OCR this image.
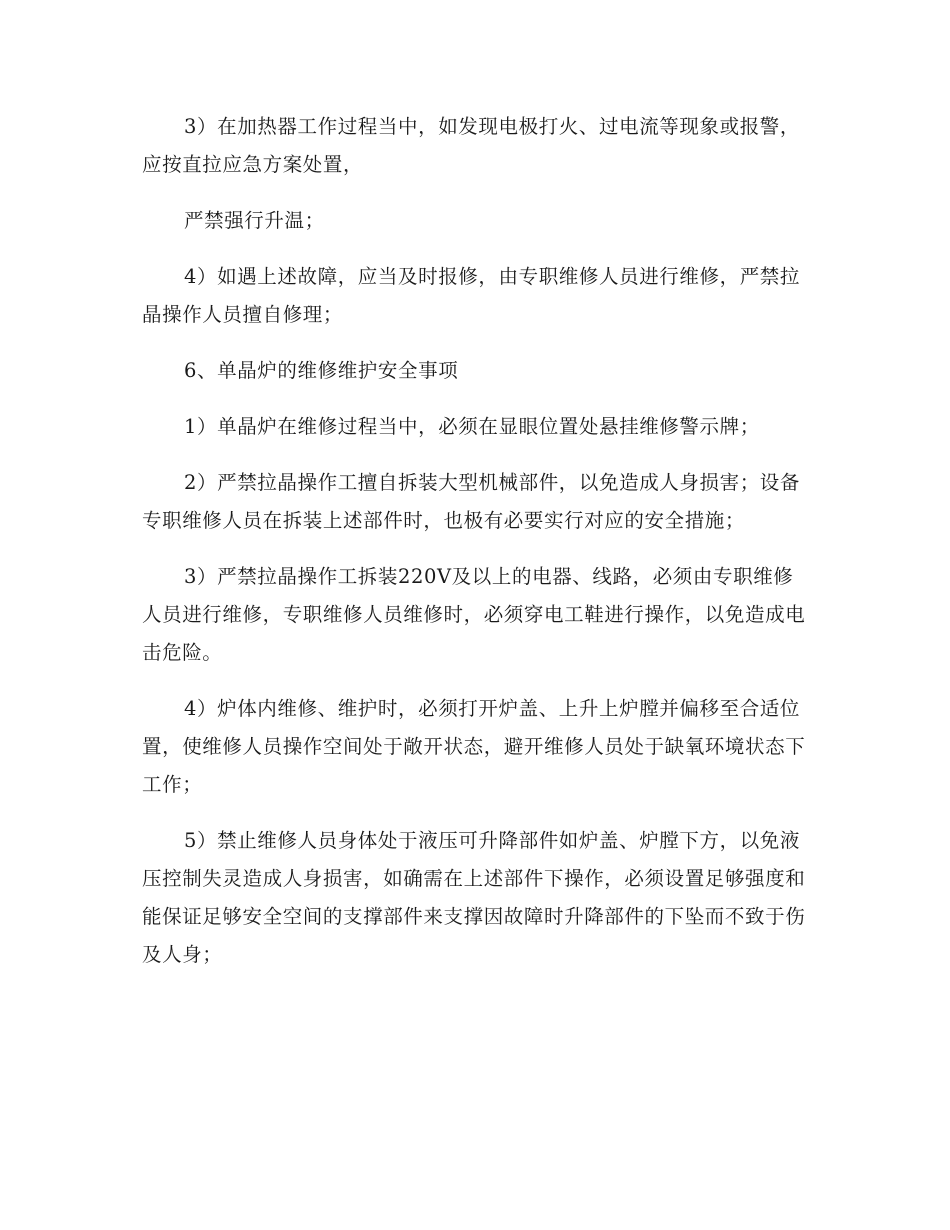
3）在加热器工作过程当中，如发现电极打火、过电流等现象或报警，应按直拉应急方案处置，

严禁强行升温；

4）如遇上述故障，应当及时报修，由专职维修人员进行维修，严禁拉晶操作人员擅自修理；

6、单晶炉的维修维护安全事项

1）单晶炉在维修过程当中，必须在显眼位置处悬挂维修警示牌；

2）严禁拉晶操作工擅自拆装大型机械部件，以免造成人身损害；设备专职维修人员在拆装上述部件时，也极有必要实行对应的安全措施；

3）严禁拉晶操作工拆装220V及以上的电器、线路，必须由专职维修人员进行维修，专职维修人员维修时，必须穿电工鞋进行操作，以免造成电击危险。

4）炉体内维修、维护时，必须打开炉盖、上升上炉膛并偏移至合适位置，使维修人员操作空间处于敞开状态，避开维修人员处于缺氧环境状态下工作；

5）禁止维修人员身体处于液压可升降部件如炉盖、炉膛下方，以免液压控制失灵造成人身损害，如确需在上述部件下操作，必须设置足够强度和能保证足够安全空间的支撑部件来支撑因故障时升降部件的下坠而不致于伤及人身；
